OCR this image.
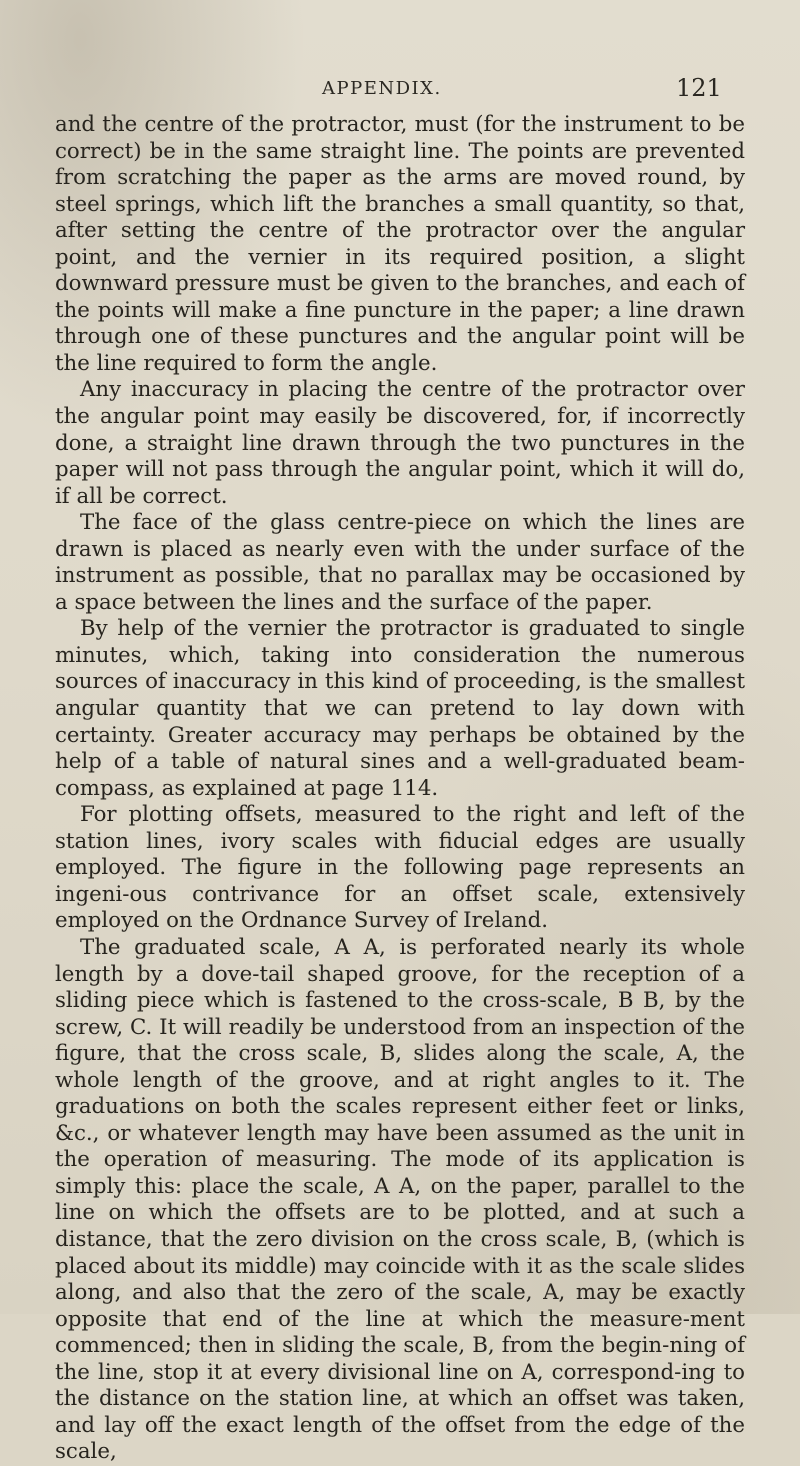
APPENDIX.	121

and the centre of the protractor, must (for the instrument to be correct) be in the same straight line. The points are prevented from scratching the paper as the arms are moved round, by steel springs, which lift the branches a small quantity, so that, after setting the centre of the protractor over the angular point, and the vernier in its required position, a slight downward pressure must be given to the branches, and each of the points will make a fine puncture in the paper; a line drawn through one of these punctures and the angular point will be the line required to form the angle.

Any inaccuracy in placing the centre of the protractor over the angular point may easily be discovered, for, if incorrectly done, a straight line drawn through the two punctures in the paper will not pass through the angular point, which it will do, if all be correct.

The face of the glass centre-piece on which the lines are drawn is placed as nearly even with the under surface of the instrument as possible, that no parallax may be occasioned by a space between the lines and the surface of the paper.

By help of the vernier the protractor is graduated to single minutes, which, taking into consideration the numerous sources of inaccuracy in this kind of proceeding, is the smallest angular quantity that we can pretend to lay down with certainty. Greater accuracy may perhaps be obtained by the help of a table of natural sines and a well-graduated beam-compass, as explained at page 114.

For plotting offsets, measured to the right and left of the station lines, ivory scales with fiducial edges are usually employed. The figure in the following page represents an ingeni-ous contrivance for an offset scale, extensively employed on the Ordnance Survey of Ireland.

The graduated scale, A A, is perforated nearly its whole length by a dove-tail shaped groove, for the reception of a sliding piece which is fastened to the cross-scale, B B, by the screw, C. It will readily be understood from an inspection of the figure, that the cross scale, B, slides along the scale, A, the whole length of the groove, and at right angles to it. The graduations on both the scales represent either feet or links, &c., or whatever length may have been assumed as the unit in the operation of measuring. The mode of its application is simply this: place the scale, A A, on the paper, parallel to the line on which the offsets are to be plotted, and at such a distance, that the zero division on the cross scale, B, (which is placed about its middle) may coincide with it as the scale slides along, and also that the zero of the scale, A, may be exactly opposite that end of the line at which the measure-ment commenced; then in sliding the scale, B, from the begin-ning of the line, stop it at every divisional line on A, correspond-ing to the distance on the station line, at which an offset was taken, and lay off the exact length of the offset from the edge of the scale,
